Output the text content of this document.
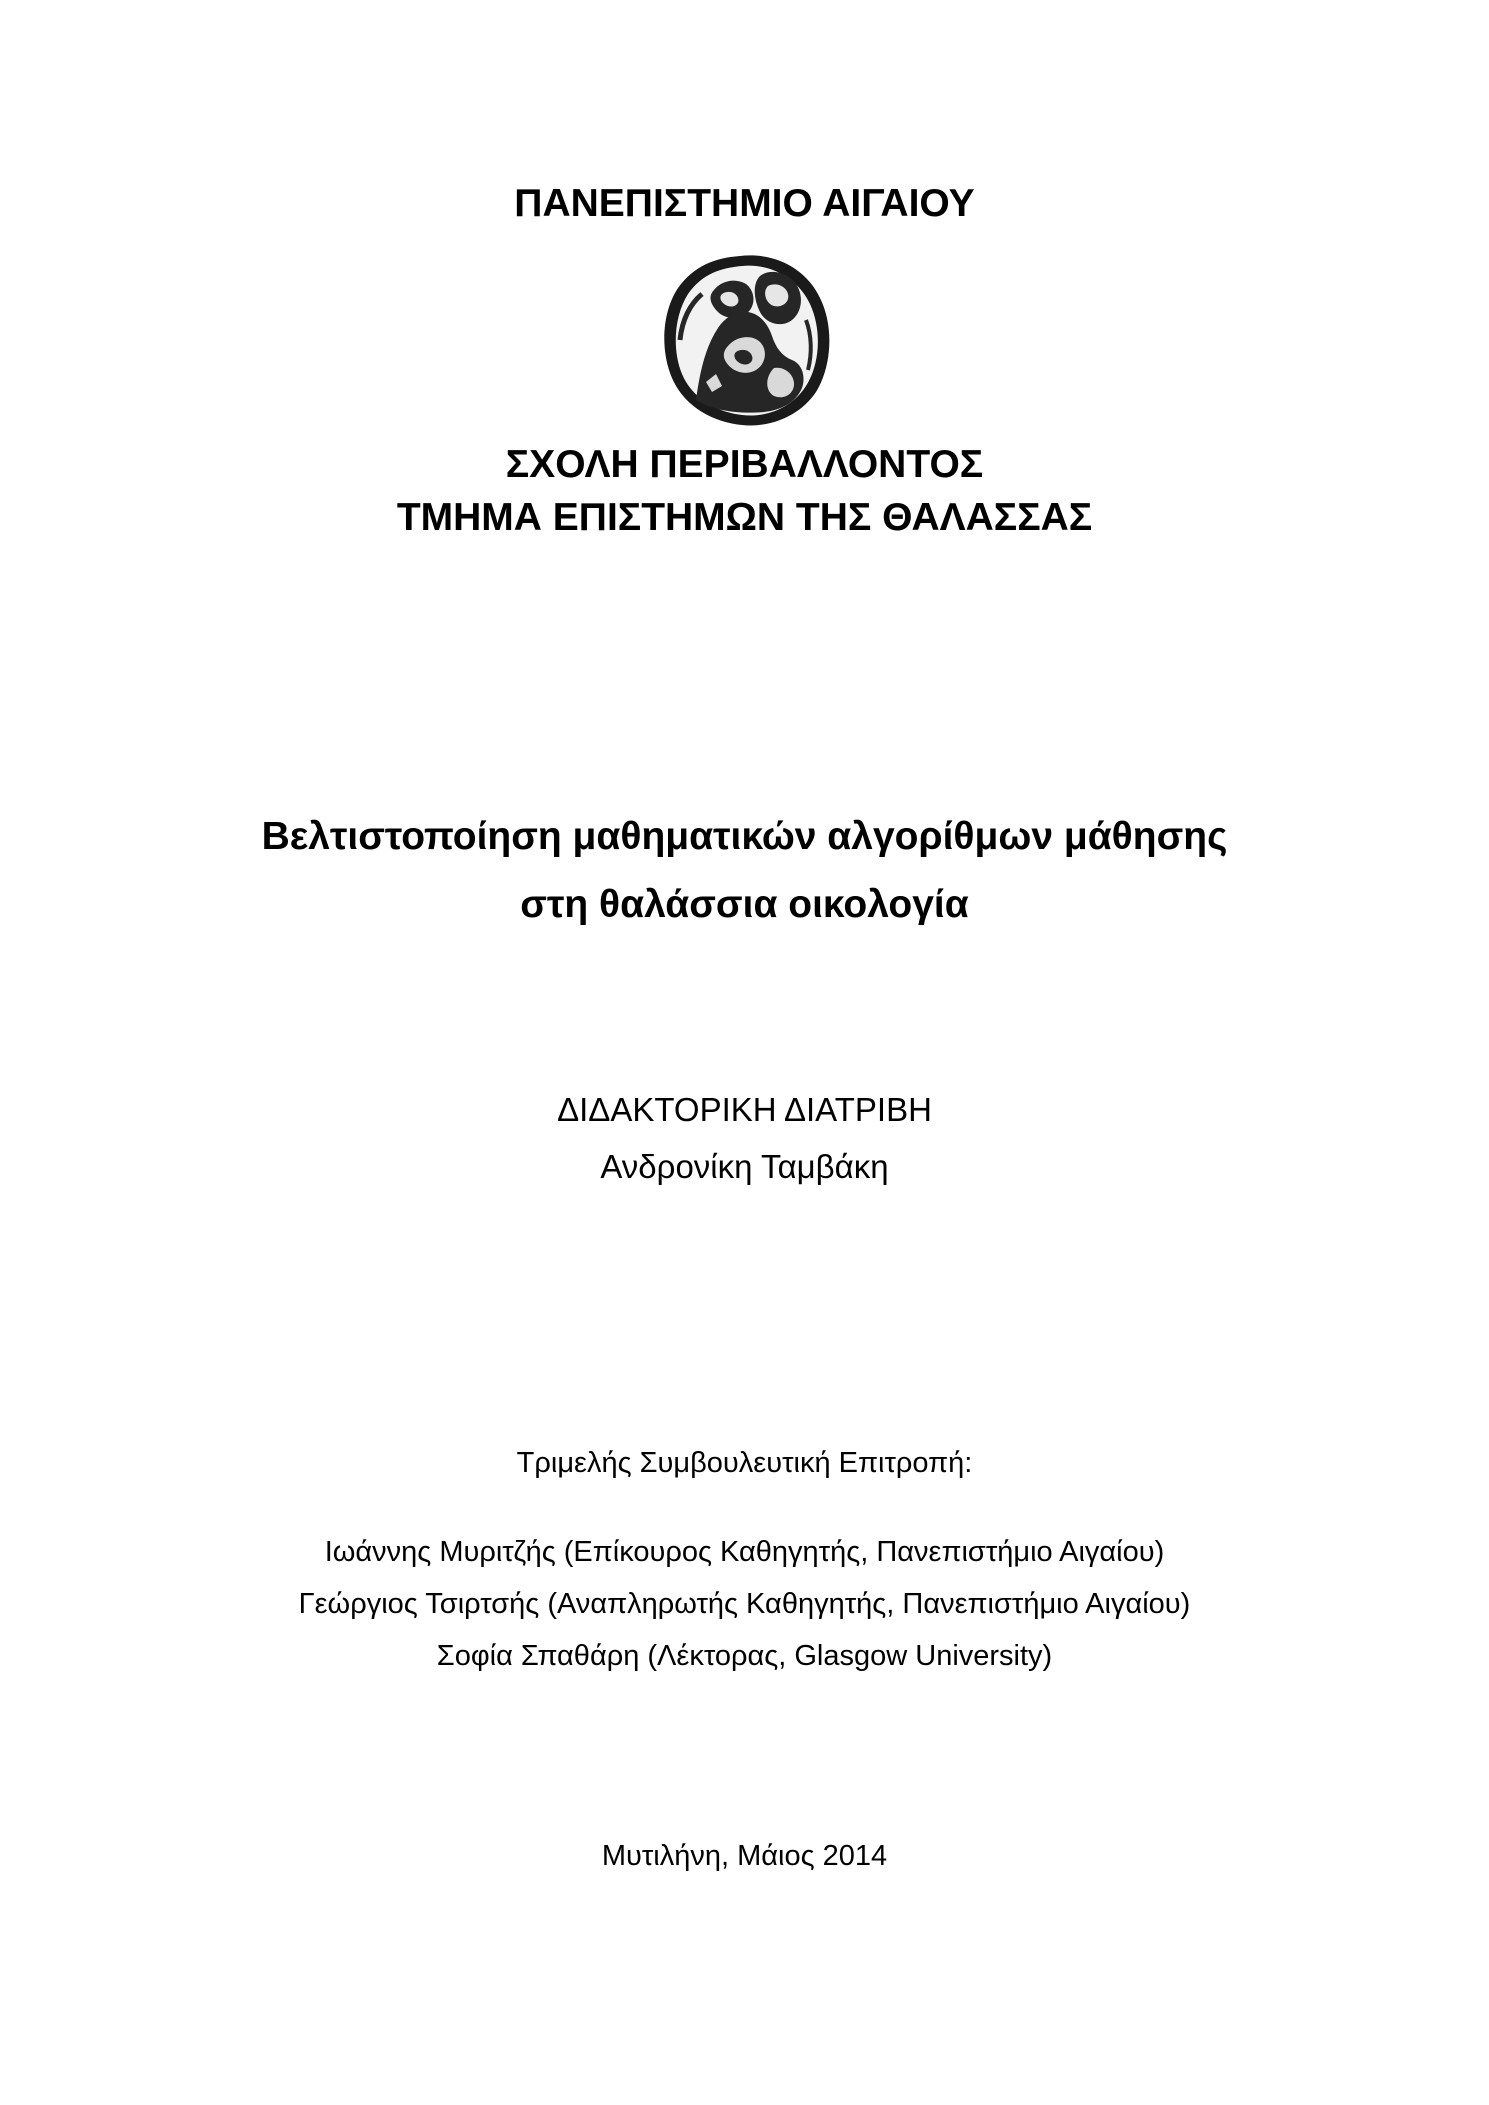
ΠΑΝΕΠΙΣΤΗΜΙΟ ΑΙΓΑΙΟΥ
ΣΧΟΛΗ ΠΕΡΙΒΑΛΛΟΝΤΟΣ
ΤΜΗΜΑ ΕΠΙΣΤΗΜΩΝ ΤΗΣ ΘΑΛΑΣΣΑΣ

Βελτιστοποίηση μαθηματικών αλγορίθμων μάθησης

στη θαλάσσια οικολογία

ΔΙΔΑΚΤΟΡΙΚΗ ΔΙΑΤΡΙΒΗ

Ανδρονίκη Ταμβάκη

Τριμελής Συμβουλευτική Επιτροπή:

Ιωάννης Μυριτζής (Επίκουρος Καθηγητής, Πανεπιστήμιο Αιγαίου)

Γεώργιος Τσιρτσής (Αναπληρωτής Καθηγητής, Πανεπιστήμιο Αιγαίου)

Σοφία Σπαθάρη (Λέκτορας, Glasgow University)

Μυτιλήνη, Μάιος 2014
